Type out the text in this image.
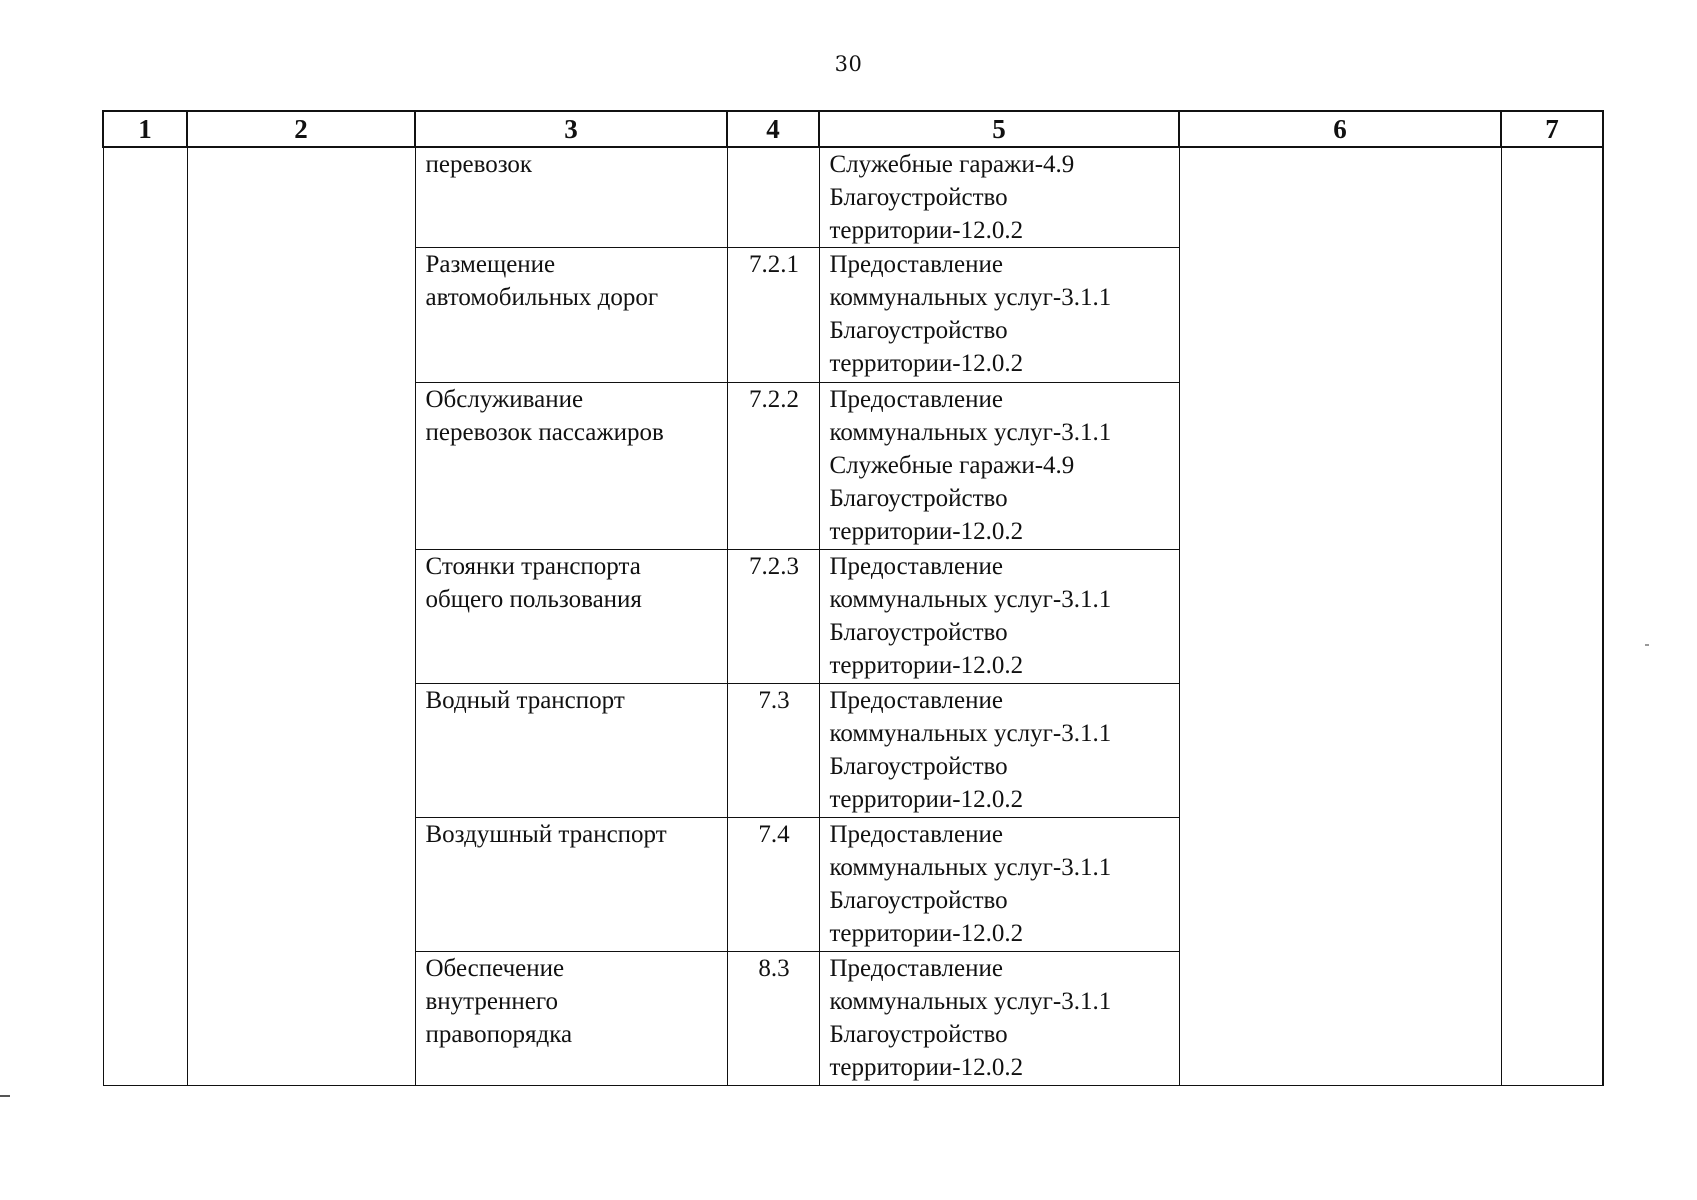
30
1	2	3	4	5	6	7

		перевозок		Служебные гаражи-4.9
Благоустройство
территории-12.0.2		

		Размещение
автомобильных дорог	7.2.1	Предоставление
коммунальных услуг-3.1.1
Благоустройство
территории-12.0.2		

		Обслуживание
перевозок пассажиров	7.2.2	Предоставление
коммунальных услуг-3.1.1
Служебные гаражи-4.9
Благоустройство
территории-12.0.2		

		Стоянки транспорта
общего пользования	7.2.3	Предоставление
коммунальных услуг-3.1.1
Благоустройство
территории-12.0.2		

		Водный транспорт	7.3	Предоставление
коммунальных услуг-3.1.1
Благоустройство
территории-12.0.2		

		Воздушный транспорт	7.4	Предоставление
коммунальных услуг-3.1.1
Благоустройство
территории-12.0.2		

		Обеспечение
внутреннего
правопорядка	8.3	Предоставление
коммунальных услуг-3.1.1
Благоустройство
территории-12.0.2		
